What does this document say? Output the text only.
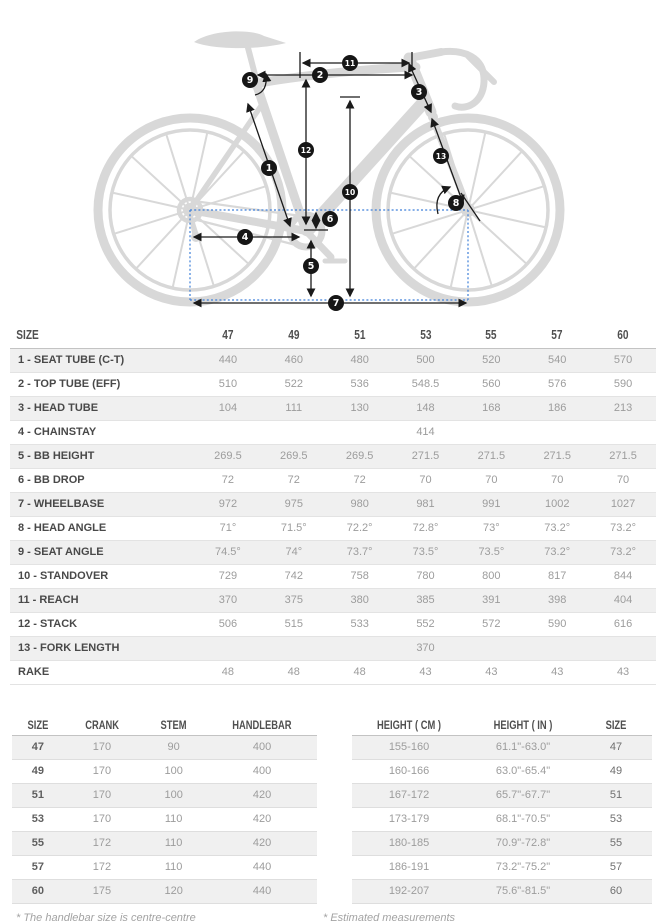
1
2
3
4
5
6
7
8
9
10
11
12
13
SIZE	47	49	51	53	55	57	60
1 - SEAT TUBE (C-T)	440	460	480	500	520	540	570
2 - TOP TUBE (EFF)	510	522	536	548.5	560	576	590
3 - HEAD TUBE	104	111	130	148	168	186	213
4 - CHAINSTAY	414
5 - BB HEIGHT	269.5	269.5	269.5	271.5	271.5	271.5	271.5
6 - BB DROP	72	72	72	70	70	70	70
7 - WHEELBASE	972	975	980	981	991	1002	1027
8 - HEAD ANGLE	71°	71.5°	72.2°	72.8°	73°	73.2°	73.2°
9 - SEAT ANGLE	74.5°	74°	73.7°	73.5°	73.5°	73.2°	73.2°
10 - STANDOVER	729	742	758	780	800	817	844
11 - REACH	370	375	380	385	391	398	404
12 - STACK	506	515	533	552	572	590	616
13 - FORK LENGTH	370
RAKE	48	48	48	43	43	43	43
SIZE	CRANK	STEM	HANDLEBAR
47	170	90	400
49	170	100	400
51	170	100	420
53	170	110	420
55	172	110	420
57	172	110	440
60	175	120	440
* The handlebar size is centre-centre
HEIGHT ( CM )	HEIGHT ( IN )	SIZE
155-160	61.1"-63.0"	47
160-166	63.0"-65.4"	49
167-172	65.7"-67.7"	51
173-179	68.1"-70.5"	53
180-185	70.9"-72.8"	55
186-191	73.2"-75.2"	57
192-207	75.6"-81.5"	60
* Estimated measurements
